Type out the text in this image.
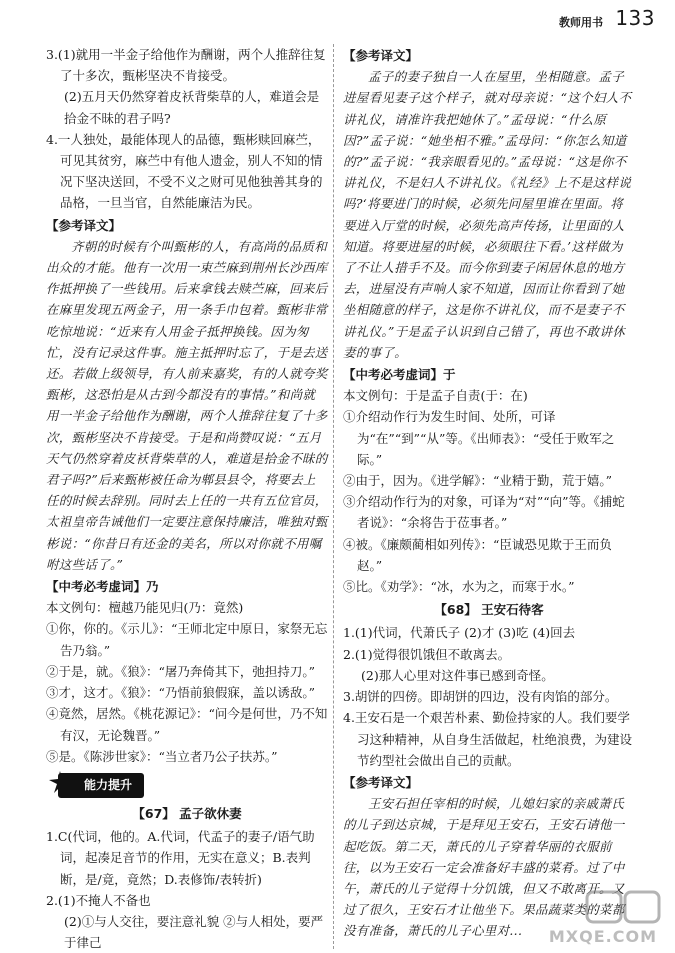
教师用书 133

3.(1)就用一半金子给他作为酬谢，两个人推辞往复了十多次，甄彬坚决不肯接受。

(2)五月天仍然穿着皮袄背柴草的人，难道会是拾金不昧的君子吗?

4.一人独处，最能体现人的品德，甄彬赎回麻苎，可见其贫穷，麻苎中有他人遗金，别人不知的情况下坚决送回，不受不义之财可见他独善其身的品格，一旦当官，自然能廉洁为民。

【参考译文】

齐朝的时候有个叫甄彬的人，有高尚的品质和出众的才能。他有一次用一束苎麻到荆州长沙西库作抵押换了一些钱用。后来拿钱去赎苎麻，回来后在麻里发现五两金子，用一条手巾包着。甄彬非常吃惊地说：“近来有人用金子抵押换钱。因为匆忙，没有记录这件事。施主抵押时忘了，于是去送还。若做上级领导，有人前来嘉奖，有的人就夸奖甄彬，这恐怕是从古到今都没有的事情。”和尚就用一半金子给他作为酬谢，两个人推辞往复了十多次，甄彬坚决不肯接受。于是和尚赞叹说：“五月天气仍然穿着皮袄背柴草的人，难道是拾金不昧的君子吗?”后来甄彬被任命为郫县县令，将要去上任的时候去辞别。同时去上任的一共有五位官员，太祖皇帝告诫他们一定要注意保持廉洁，唯独对甄彬说：“你昔日有还金的美名，所以对你就不用嘱咐这些话了。”

【中考必考虚词】乃

本文例句：檀越乃能见归(乃：竟然)

①你，你的。《示儿》：“王师北定中原日，家祭无忘告乃翁。”

②于是，就。《狼》：“屠乃奔倚其下，弛担持刀。”

③才，这才。《狼》：“乃悟前狼假寐，盖以诱敌。”

④竟然，居然。《桃花源记》：“问今是何世，乃不知有汉，无论魏晋。”

⑤是。《陈涉世家》：“当立者乃公子扶苏。”

能力提升

【67】 孟子欲休妻

1.C(代词，他的。A.代词，代孟子的妻子/语气助词，起凑足音节的作用，无实在意义；B.表判断，是/竟，竟然；D.表修饰/表转折)

2.(1)不掩人不备也

(2)①与人交往，要注意礼貌 ②与人相处，要严于律己

【参考译文】

孟子的妻子独自一人在屋里，坐相随意。孟子进屋看见妻子这个样子，就对母亲说：“这个妇人不讲礼仪，请准许我把她休了。”孟母说：“什么原因?”孟子说：“她坐相不雅。”孟母问：“你怎么知道的?”孟子说：“我亲眼看见的。”孟母说：“这是你不讲礼仪，不是妇人不讲礼仪。《礼经》上不是这样说吗?‘将要进门的时候，必须先问屋里谁在里面。将要进入厅堂的时候，必须先高声传扬，让里面的人知道。将要进屋的时候，必须眼往下看。’这样做为了不让人措手不及。而今你到妻子闲居休息的地方去，进屋没有声响人家不知道，因而让你看到了她坐相随意的样子，这是你不讲礼仪，而不是妻子不讲礼仪。”于是孟子认识到自己错了，再也不敢讲休妻的事了。

【中考必考虚词】于

本文例句：于是孟子自责(于：在)

①介绍动作行为发生时间、处所，可译为“在”“到”“从”等。《出师表》：“受任于败军之际。”

②由于，因为。《进学解》：“业精于勤，荒于嬉。”

③介绍动作行为的对象，可译为“对”“向”等。《捕蛇者说》：“余将告于莅事者。”

④被。《廉颇蔺相如列传》：“臣诚恐见欺于王而负赵。”

⑤比。《劝学》：“冰，水为之，而寒于水。”

【68】 王安石待客

1.(1)代词，代萧氏子 (2)才 (3)吃 (4)回去

2.(1)觉得很饥饿但不敢离去。

(2)那人心里对这件事已感到奇怪。

3.胡饼的四傍。即胡饼的四边，没有肉馅的部分。

4.王安石是一个艰苦朴素、勤俭持家的人。我们要学习这种精神，从自身生活做起，杜绝浪费，为建设节约型社会做出自己的贡献。

【参考译文】

王安石担任宰相的时候，儿媳妇家的亲戚萧氏的儿子到达京城，于是拜见王安石，王安石请他一起吃饭。第二天，萧氏的儿子穿着华丽的衣服前往，以为王安石一定会准备好丰盛的菜肴。过了中午，萧氏的儿子觉得十分饥饿，但又不敢离开。又过了很久，王安石才让他坐下。果品蔬菜类的菜都没有准备，萧氏的儿子心里对...	MXQE.COM
